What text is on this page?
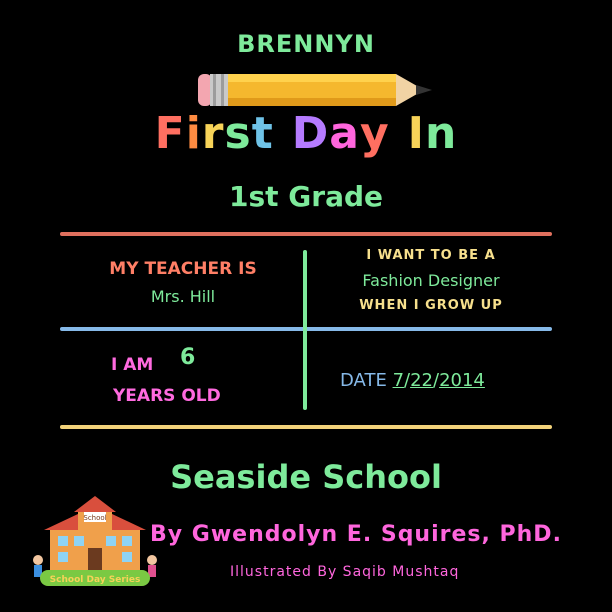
BRENNYN
First Day In
1st Grade
MY TEACHER IS
Mrs. Hill
I WANT TO BE A
Fashion Designer
WHEN I GROW UP
I AM 6
YEARS OLD
DATE 7/22/2014
Seaside School
School
School Day Series
By Gwendolyn E. Squires, PhD.
Illustrated By Saqib Mushtaq
